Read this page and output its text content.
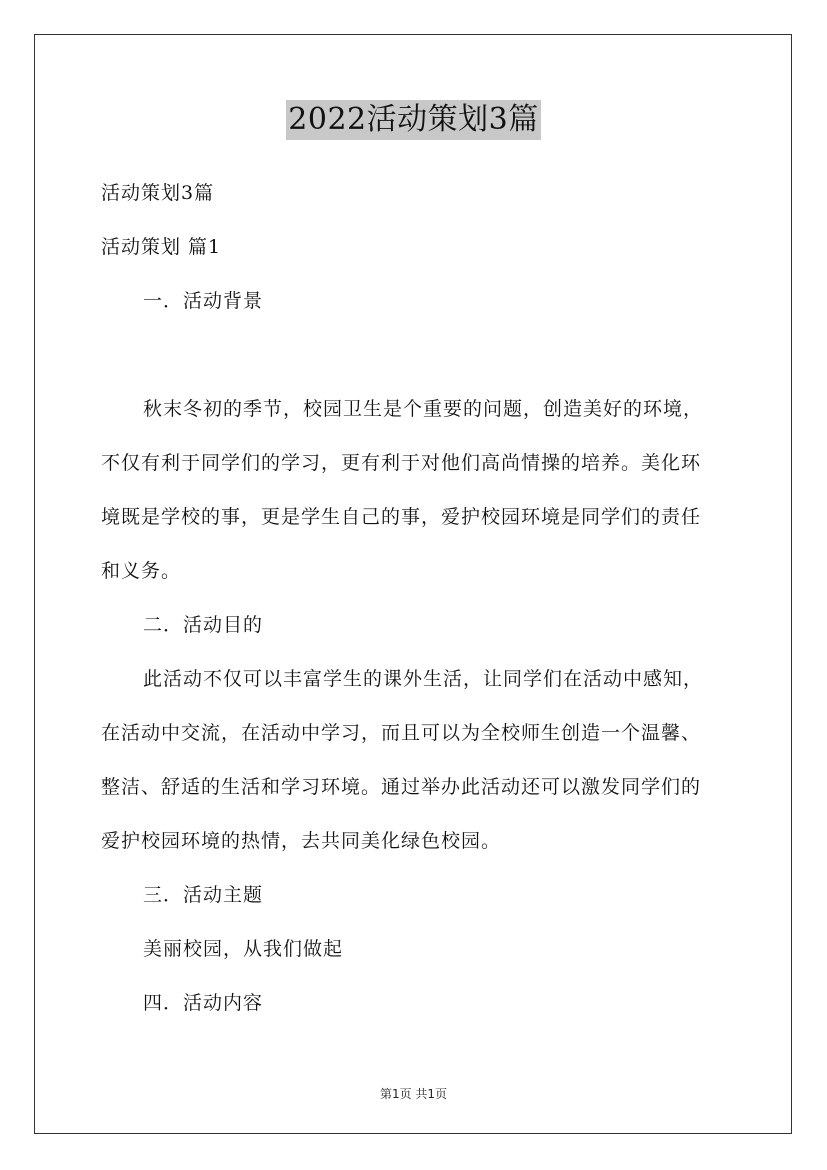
2022活动策划3篇
活动策划3篇
活动策划 篇1
一．活动背景
秋末冬初的季节，校园卫生是个重要的问题，创造美好的环境，
不仅有利于同学们的学习，更有利于对他们高尚情操的培养。美化环
境既是学校的事，更是学生自己的事，爱护校园环境是同学们的责任
和义务。
二．活动目的
此活动不仅可以丰富学生的课外生活，让同学们在活动中感知，
在活动中交流，在活动中学习，而且可以为全校师生创造一个温馨、
整洁、舒适的生活和学习环境。通过举办此活动还可以激发同学们的
爱护校园环境的热情，去共同美化绿色校园。
三．活动主题
美丽校园，从我们做起
四．活动内容
第1页 共1页
